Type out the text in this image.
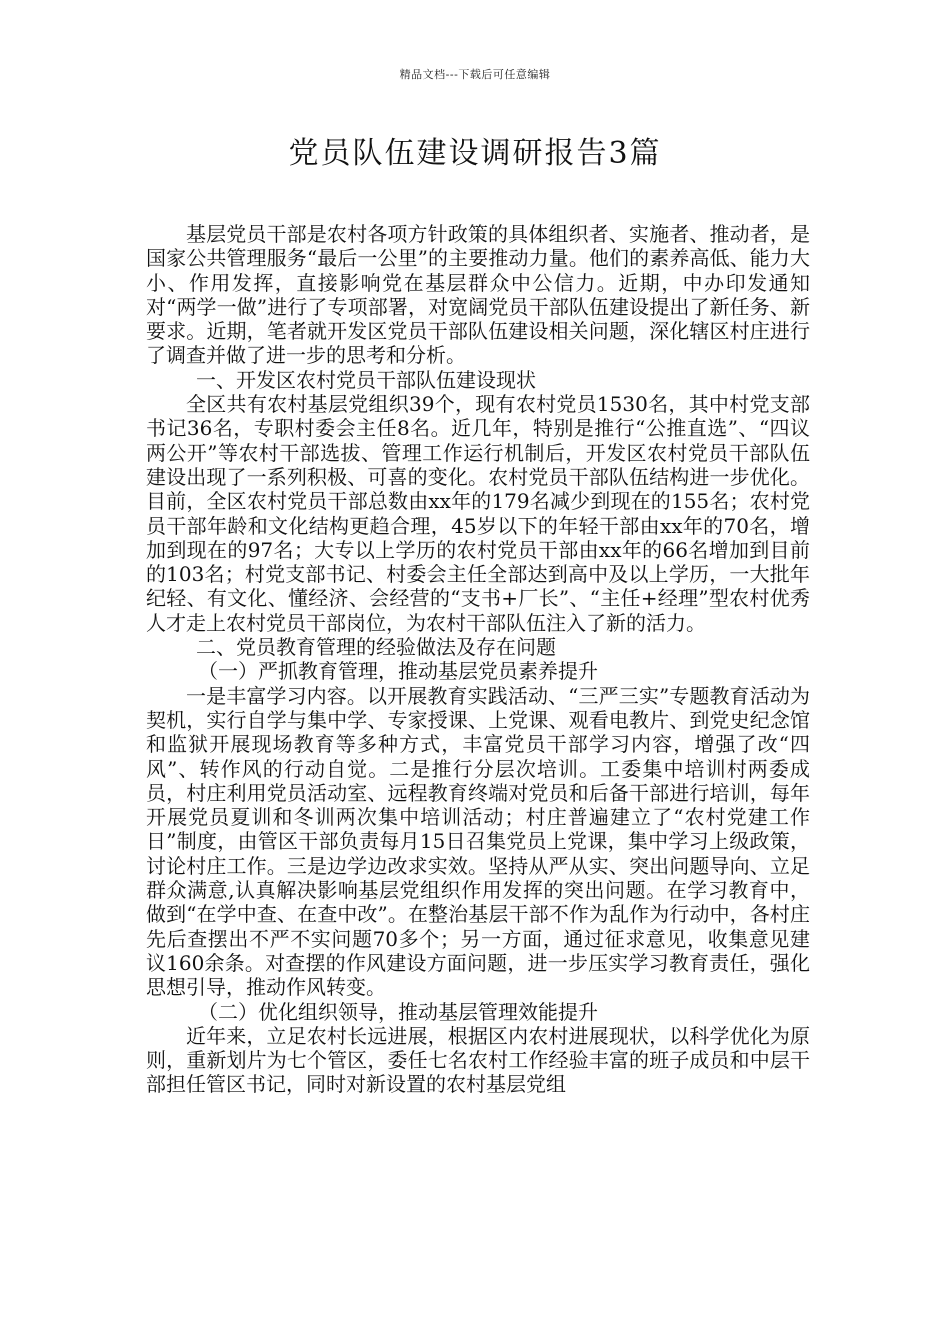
精品文档---下载后可任意编辑
党员队伍建设调研报告3篇

基层党员干部是农村各项方针政策的具体组织者、实施者、推动者，是国家公共管理服务“最后一公里”的主要推动力量。他们的素养高低、能力大小、作用发挥，直接影响党在基层群众中公信力。近期，中办印发通知对“两学一做”进行了专项部署，对宽阔党员干部队伍建设提出了新任务、新要求。近期，笔者就开发区党员干部队伍建设相关问题，深化辖区村庄进行了调查并做了进一步的思考和分析。

一、开发区农村党员干部队伍建设现状

全区共有农村基层党组织39个，现有农村党员1530名，其中村党支部书记36名，专职村委会主任8名。近几年，特别是推行“公推直选”、“四议两公开”等农村干部选拔、管理工作运行机制后，开发区农村党员干部队伍建设出现了一系列积极、可喜的变化。农村党员干部队伍结构进一步优化。目前，全区农村党员干部总数由xx年的179名减少到现在的155名；农村党员干部年龄和文化结构更趋合理，45岁以下的年轻干部由xx年的70名，增加到现在的97名；大专以上学历的农村党员干部由xx年的66名增加到目前的103名；村党支部书记、村委会主任全部达到高中及以上学历，一大批年纪轻、有文化、懂经济、会经营的“支书+厂长”、“主任+经理”型农村优秀人才走上农村党员干部岗位，为农村干部队伍注入了新的活力。

二、党员教育管理的经验做法及存在问题

（一）严抓教育管理，推动基层党员素养提升

一是丰富学习内容。以开展教育实践活动、“三严三实”专题教育活动为契机，实行自学与集中学、专家授课、上党课、观看电教片、到党史纪念馆和监狱开展现场教育等多种方式，丰富党员干部学习内容，增强了改“四风”、转作风的行动自觉。二是推行分层次培训。工委集中培训村两委成员，村庄利用党员活动室、远程教育终端对党员和后备干部进行培训，每年开展党员夏训和冬训两次集中培训活动；村庄普遍建立了“农村党建工作日”制度，由管区干部负责每月15日召集党员上党课，集中学习上级政策，讨论村庄工作。三是边学边改求实效。坚持从严从实、突出问题导向、立足群众满意,认真解决影响基层党组织作用发挥的突出问题。在学习教育中，做到“在学中查、在查中改”。在整治基层干部不作为乱作为行动中，各村庄先后查摆出不严不实问题70多个；另一方面，通过征求意见，收集意见建议160余条。对查摆的作风建设方面问题，进一步压实学习教育责任，强化思想引导，推动作风转变。

（二）优化组织领导，推动基层管理效能提升

近年来，立足农村长远进展，根据区内农村进展现状，以科学优化为原则，重新划片为七个管区，委任七名农村工作经验丰富的班子成员和中层干部担任管区书记，同时对新设置的农村基层党组
